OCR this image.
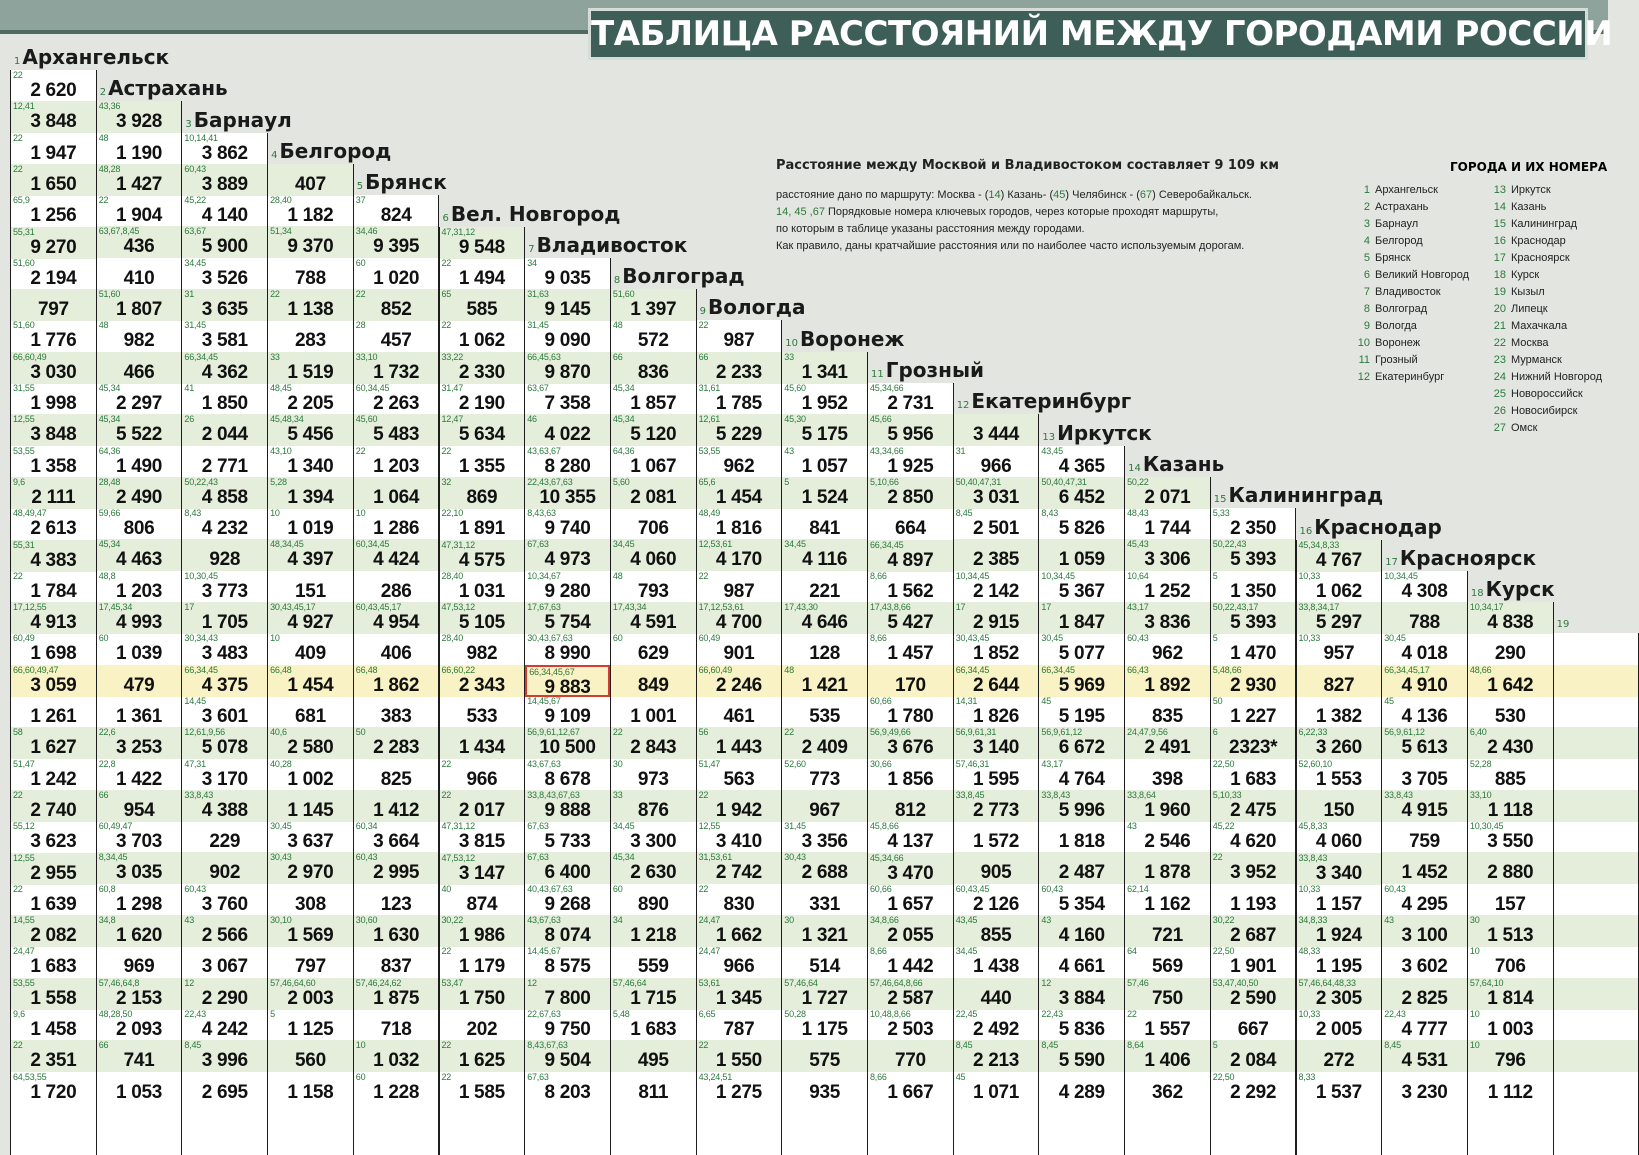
22
2 620
12,41
3 848
22
1 947
22
1 650
65,9
1 256
55,31
9 270
51,60
2 194
797
51,60
1 776
66,60,49
3 030
31,55
1 998
12,55
3 848
53,55
1 358
9,6
2 111
48,49,47
2 613
55,31
4 383
22
1 784
17,12,55
4 913
60,49
1 698
66,60,49,47
3 059
1 261
58
1 627
51,47
1 242
22
2 740
55,12
3 623
12,55
2 955
22
1 639
14,55
2 082
24,47
1 683
53,55
1 558
9,6
1 458
22
2 351
64,53,55
1 720
1 Архангельск
43,36
3 928
48
1 190
48,28
1 427
22
1 904
63,67,8,45
436
410
51,60
1 807
48
982
466
45,34
2 297
45,34
5 522
64,36
1 490
28,48
2 490
59,66
806
45,34
4 463
48,8
1 203
17,45,34
4 993
60
1 039
479
1 361
22,6
3 253
22,8
1 422
66
954
60,49,47
3 703
8,34,45
3 035
60,8
1 298
34,8
1 620
969
57,46,64,8
2 153
48,28,50
2 093
66
741
1 053
2 Астрахань
10,14,41
3 862
60,43
3 889
45,22
4 140
63,67
5 900
34,45
3 526
31
3 635
31,45
3 581
66,34,45
4 362
41
1 850
26
2 044
2 771
50,22,43
4 858
8,43
4 232
928
10,30,45
3 773
17
1 705
30,34,43
3 483
66,34,45
4 375
14,45
3 601
12,61,9,56
5 078
47,31
3 170
33,8,43
4 388
229
902
60,43
3 760
43
2 566
3 067
12
2 290
22,43
4 242
8,45
3 996
2 695
3 Барнаул
407
28,40
1 182
51,34
9 370
788
22
1 138
283
33
1 519
48,45
2 205
45,48,34
5 456
43,10
1 340
5,28
1 394
10
1 019
48,34,45
4 397
151
30,43,45,17
4 927
10
409
66,48
1 454
681
40,6
2 580
40,28
1 002
1 145
30,45
3 637
30,43
2 970
308
30,10
1 569
797
57,46,64,60
2 003
5
1 125
560
1 158
4 Белгород
37
824
34,46
9 395
60
1 020
22
852
28
457
33,10
1 732
60,34,45
2 263
45,60
5 483
22
1 203
1 064
10
1 286
60,34,45
4 424
286
60,43,45,17
4 954
406
66,48
1 862
383
50
2 283
825
1 412
60,34
3 664
60,43
2 995
123
30,60
1 630
837
57,46,24,62
1 875
718
10
1 032
60
1 228
5 Брянск
47,31,12
9 548
22
1 494
65
585
22
1 062
33,22
2 330
31,47
2 190
12,47
5 634
22
1 355
32
869
22,10
1 891
47,31,12
4 575
28,40
1 031
47,53,12
5 105
28,40
982
66,60,22
2 343
533
1 434
22
966
22
2 017
47,31,12
3 815
47,53,12
3 147
40
874
30,22
1 986
22
1 179
53,47
1 750
202
22
1 625
22
1 585
6 Вел. Новгород
34
9 035
31,63
9 145
31,45
9 090
66,45,63
9 870
63,67
7 358
46
4 022
43,63,67
8 280
22,43,67,63
10 355
8,43,63
9 740
67,63
4 973
10,34,67
9 280
17,67,63
5 754
30,43,67,63
8 990
66,34,45,67
9 883
14,45,67
9 109
56,9,61,12,67
10 500
43,67,63
8 678
33,8,43,67,63
9 888
67,63
5 733
67,63
6 400
40,43,67,63
9 268
43,67,63
8 074
14,45,67
8 575
12
7 800
22,67,63
9 750
8,43,67,63
9 504
67,63
8 203
7 Владивосток
51,60
1 397
48
572
66
836
45,34
1 857
45,34
5 120
64,36
1 067
5,60
2 081
706
34,45
4 060
48
793
17,43,34
4 591
60
629
849
1 001
22
2 843
30
973
33
876
34,45
3 300
45,34
2 630
60
890
34
1 218
559
57,46,64
1 715
5,48
1 683
495
811
8 Волгоград
22
987
66
2 233
31,61
1 785
12,61
5 229
53,55
962
65,6
1 454
48,49
1 816
12,53,61
4 170
22
987
17,12,53,61
4 700
60,49
901
66,60,49
2 246
461
56
1 443
51,47
563
22
1 942
12,55
3 410
31,53,61
2 742
22
830
24,47
1 662
24,47
966
53,61
1 345
6,65
787
22
1 550
43,24,51
1 275
9 Вологда
33
1 341
45,60
1 952
45,30
5 175
43
1 057
5
1 524
841
34,45
4 116
221
17,43,30
4 646
128
48
1 421
535
22
2 409
52,60
773
967
31,45
3 356
30,43
2 688
331
30
1 321
514
57,46,64
1 727
50,28
1 175
575
935
10 Воронеж
45,34,66
2 731
45,66
5 956
43,34,66
1 925
5,10,66
2 850
664
66,34,45
4 897
8,66
1 562
17,43,8,66
5 427
8,66
1 457
170
60,66
1 780
56,9,49,66
3 676
30,66
1 856
812
45,8,66
4 137
45,34,66
3 470
60,66
1 657
34,8,66
2 055
8,66
1 442
57,46,64,8,66
2 587
10,48,8,66
2 503
770
8,66
1 667
11 Грозный
3 444
31
966
50,40,47,31
3 031
8,45
2 501
2 385
10,34,45
2 142
17
2 915
30,43,45
1 852
66,34,45
2 644
14,31
1 826
56,9,61,31
3 140
57,46,31
1 595
33,8,45
2 773
1 572
905
60,43,45
2 126
43,45
855
34,45
1 438
440
22,45
2 492
8,45
2 213
45
1 071
12 Екатеринбург
43,45
4 365
50,40,47,31
6 452
8,43
5 826
1 059
10,34,45
5 367
17
1 847
30,45
5 077
66,34,45
5 969
45
5 195
56,9,61,12
6 672
43,17
4 764
33,8,43
5 996
1 818
2 487
60,43
5 354
43
4 160
4 661
12
3 884
22,43
5 836
8,45
5 590
4 289
13 Иркутск
50,22
2 071
48,43
1 744
45,43
3 306
10,64
1 252
43,17
3 836
60,43
962
66,43
1 892
835
24,47,9,56
2 491
398
33,8,64
1 960
43
2 546
1 878
62,14
1 162
721
64
569
57,46
750
22
1 557
8,64
1 406
362
14 Казань
5,33
2 350
50,22,43
5 393
5
1 350
50,22,43,17
5 393
5
1 470
5,48,66
2 930
50
1 227
6
2323*
22,50
1 683
5,10,33
2 475
45,22
4 620
22
3 952
1 193
30,22
2 687
22,50
1 901
53,47,40,50
2 590
667
5
2 084
22,50
2 292
15 Калининград
45,34,8,33
4 767
10,33
1 062
33,8,34,17
5 297
10,33
957
827
1 382
6,22,33
3 260
52,60,10
1 553
150
45,8,33
4 060
33,8,43
3 340
10,33
1 157
34,8,33
1 924
48,33
1 195
57,46,64,48,33
2 305
10,33
2 005
272
8,33
1 537
16 Краснодар
10,34,45
4 308
788
30,45
4 018
66,34,45,17
4 910
45
4 136
56,9,61,12
5 613
3 705
33,8,43
4 915
759
1 452
60,43
4 295
43
3 100
3 602
2 825
22,43
4 777
8,45
4 531
3 230
17 Красноярск
10,34,17
4 838
290
48,66
1 642
530
6,40
2 430
52,28
885
33,10
1 118
10,30,45
3 550
2 880
157
30
1 513
10
706
57,64,10
1 814
10
1 003
10
796
1 112
18 Курск
19
ТАБЛИЦА РАССТОЯНИЙ МЕЖДУ ГОРОДАМИ РОССИИ
Расстояние между Москвой и Владивостоком составляет 9 109 км
расстояние дано по маршруту: Москва - (14) Казань- (45) Челябинск - (67) Северобайкальск.
14, 45 ,67 Порядковые номера ключевых городов, через которые проходят маршруты,
по которым в таблице указаны расстояния между городами.
Как правило, даны кратчайшие расстояния или по наиболее часто используемым дорогам.
ГОРОДА И ИХ НОМЕРА
1 Архангельск
2 Астрахань
3 Барнаул
4 Белгород
5 Брянск
6 Великий Новгород
7 Владивосток
8 Волгоград
9 Вологда
10 Воронеж
11 Грозный
12 Екатеринбург
13 Иркутск
14 Казань
15 Калининград
16 Краснодар
17 Красноярск
18 Курск
19 Кызыл
20 Липецк
21 Махачкала
22 Москва
23 Мурманск
24 Нижний Новгород
25 Новороссийск
26 Новосибирск
27 Омск
